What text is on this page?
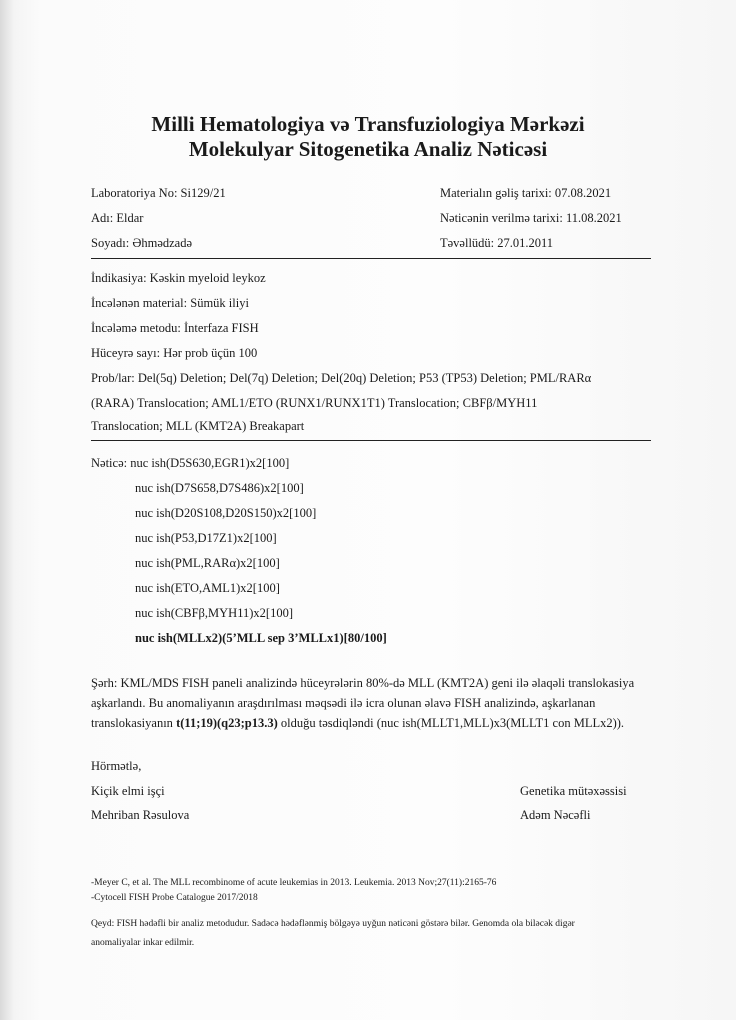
Milli Hematologiya və Transfuziologiya Mərkəzi
Molekulyar Sitogenetika Analiz Nəticəsi
Laboratoriya No: Si129/21
Adı: Eldar
Soyadı: Əhmədzadə
Materialın gəliş tarixi: 07.08.2021
Nəticənin verilmə tarixi: 11.08.2021
Təvəllüdü: 27.01.2011
İndikasiya: Kəskin myeloid leykoz
İncələnən material: Sümük iliyi
İncələmə metodu: İnterfaza FISH
Hüceyrə sayı: Hər prob üçün 100
Prob/lar: Del(5q) Deletion; Del(7q) Deletion; Del(20q) Deletion; P53 (TP53) Deletion; PML/RARα
(RARA) Translocation; AML1/ETO (RUNX1/RUNX1T1) Translocation; CBFβ/MYH11
Translocation; MLL (KMT2A) Breakapart
Nəticə: nuc ish(D5S630,EGR1)x2[100]
nuc ish(D7S658,D7S486)x2[100]
nuc ish(D20S108,D20S150)x2[100]
nuc ish(P53,D17Z1)x2[100]
nuc ish(PML,RARα)x2[100]
nuc ish(ETO,AML1)x2[100]
nuc ish(CBFβ,MYH11)x2[100]
nuc ish(MLLx2)(5’MLL sep 3’MLLx1)[80/100]
Şərh: KML/MDS FISH paneli analizində hüceyrələrin 80%-də MLL (KMT2A) geni ilə əlaqəli translokasiya
aşkarlandı. Bu anomaliyanın araşdırılması məqsədi ilə icra olunan əlavə FISH analizində, aşkarlanan
translokasiyanın t(11;19)(q23;p13.3) olduğu təsdiqləndi (nuc ish(MLLT1,MLL)x3(MLLT1 con MLLx2)).
Hörmətlə,
Kiçik elmi işçi
Mehriban Rəsulova
Genetika mütəxəssisi
Adəm Nəcəfli
-Meyer C, et al. The MLL recombinome of acute leukemias in 2013. Leukemia. 2013 Nov;27(11):2165-76
-Cytocell FISH Probe Catalogue 2017/2018
Qeyd: FISH hədəfli bir analiz metodudur. Sadəcə hədəflənmiş bölgəyə uyğun nəticəni göstərə bilər. Genomda ola biləcək digər
anomaliyalar inkar edilmir.
